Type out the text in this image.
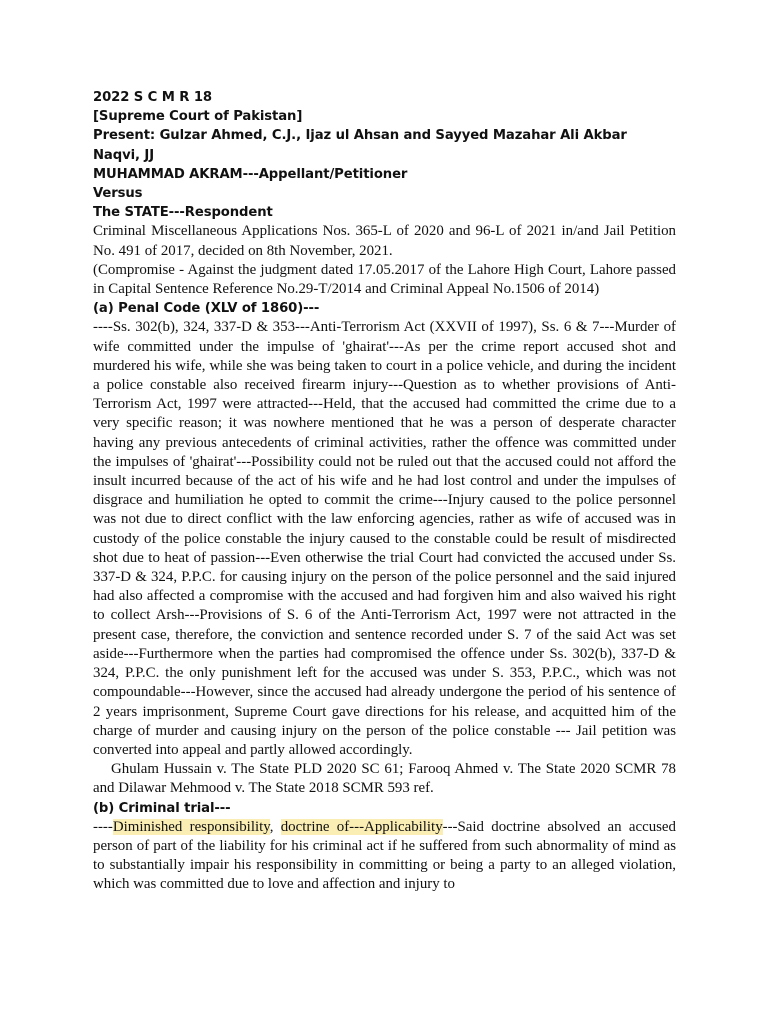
2022 S C M R 18

[Supreme Court of Pakistan]

Present: Gulzar Ahmed, C.J., Ijaz ul Ahsan and Sayyed Mazahar Ali Akbar Naqvi, JJ

MUHAMMAD AKRAM---Appellant/Petitioner

Versus

The STATE---Respondent

Criminal Miscellaneous Applications Nos. 365-L of 2020 and 96-L of 2021 in/and Jail Petition No. 491 of 2017, decided on 8th November, 2021.

(Compromise - Against the judgment dated 17.05.2017 of the Lahore High Court, Lahore passed in Capital Sentence Reference No.29-T/2014 and Criminal Appeal No.1506 of 2014)

(a) Penal Code (XLV of 1860)---

----Ss. 302(b), 324, 337-D & 353---Anti-Terrorism Act (XXVII of 1997), Ss. 6 & 7---Murder of wife committed under the impulse of 'ghairat'---As per the crime report accused shot and murdered his wife, while she was being taken to court in a police vehicle, and during the incident a police constable also received firearm injury---Question as to whether provisions of Anti-Terrorism Act, 1997 were attracted---Held, that the accused had committed the crime due to a very specific reason; it was nowhere mentioned that he was a person of desperate character having any previous antecedents of criminal activities, rather the offence was committed under the impulses of 'ghairat'---Possibility could not be ruled out that the accused could not afford the insult incurred because of the act of his wife and he had lost control and under the impulses of disgrace and humiliation he opted to commit the crime---Injury caused to the police personnel was not due to direct conflict with the law enforcing agencies, rather as wife of accused was in custody of the police constable the injury caused to the constable could be result of misdirected shot due to heat of passion---Even otherwise the trial Court had convicted the accused under Ss. 337-D & 324, P.P.C. for causing injury on the person of the police personnel and the said injured had also affected a compromise with the accused and had forgiven him and also waived his right to collect Arsh---Provisions of S. 6 of the Anti-Terrorism Act, 1997 were not attracted in the present case, therefore, the conviction and sentence recorded under S. 7 of the said Act was set aside---Furthermore when the parties had compromised the offence under Ss. 302(b), 337-D & 324, P.P.C. the only punishment left for the accused was under S. 353, P.P.C., which was not compoundable---However, since the accused had already undergone the period of his sentence of 2 years imprisonment, Supreme Court gave directions for his release, and acquitted him of the charge of murder and causing injury on the person of the police constable --- Jail petition was converted into appeal and partly allowed accordingly.

Ghulam Hussain v. The State PLD 2020 SC 61; Farooq Ahmed v. The State 2020 SCMR 78 and Dilawar Mehmood v. The State 2018 SCMR 593 ref.

(b) Criminal trial---

----Diminished responsibility, doctrine of---Applicability---Said doctrine absolved an accused person of part of the liability for his criminal act if he suffered from such abnormality of mind as to substantially impair his responsibility in committing or being a party to an alleged violation, which was committed due to love and affection and injury to
